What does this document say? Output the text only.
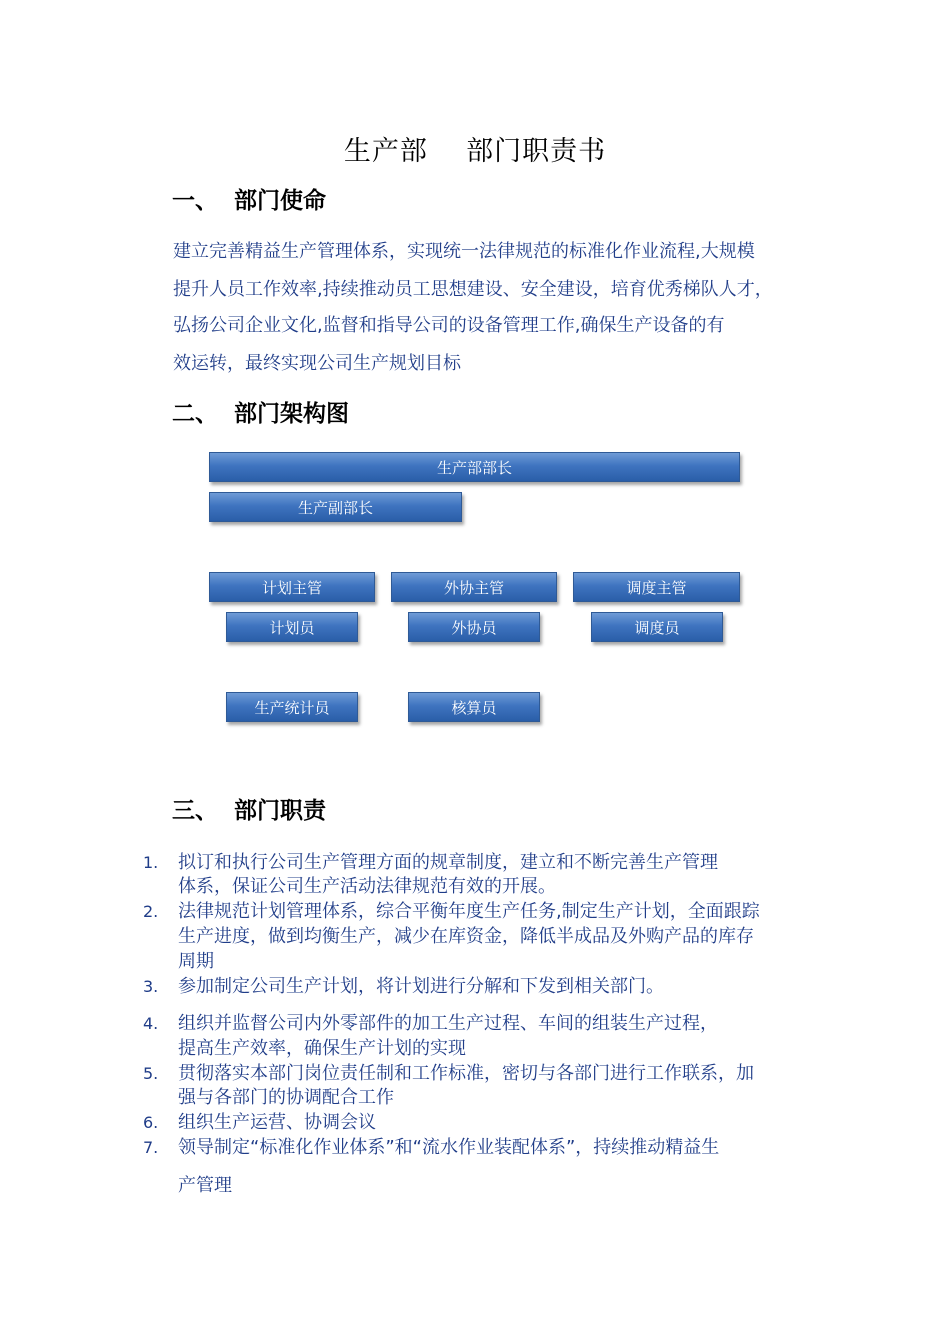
生产部    部门职责书
一、  部门使命
建立完善精益生产管理体系，实现统一法律规范的标准化作业流程,大规模
提升人员工作效率,持续推动员工思想建设、安全建设，培育优秀梯队人才，
弘扬公司企业文化,监督和指导公司的设备管理工作,确保生产设备的有
效运转，最终实现公司生产规划目标
二、  部门架构图
生产部部长
生产副部长
计划主管	外协主管	调度主管
计划员	外协员	调度员
生产统计员	核算员
三、  部门职责
1.	拟订和执行公司生产管理方面的规章制度，建立和不断完善生产管理
体系，保证公司生产活动法律规范有效的开展。
2.	法律规范计划管理体系，综合平衡年度生产任务,制定生产计划，全面跟踪
生产进度，做到均衡生产，减少在库资金，降低半成品及外购产品的库存
周期
3.	参加制定公司生产计划，将计划进行分解和下发到相关部门。
4.	组织并监督公司内外零部件的加工生产过程、车间的组装生产过程，
提高生产效率，确保生产计划的实现
5.	贯彻落实本部门岗位责任制和工作标准，密切与各部门进行工作联系，加
强与各部门的协调配合工作
6.	组织生产运营、协调会议
7.	领导制定“标准化作业体系”和“流水作业装配体系”，持续推动精益生
产管理
